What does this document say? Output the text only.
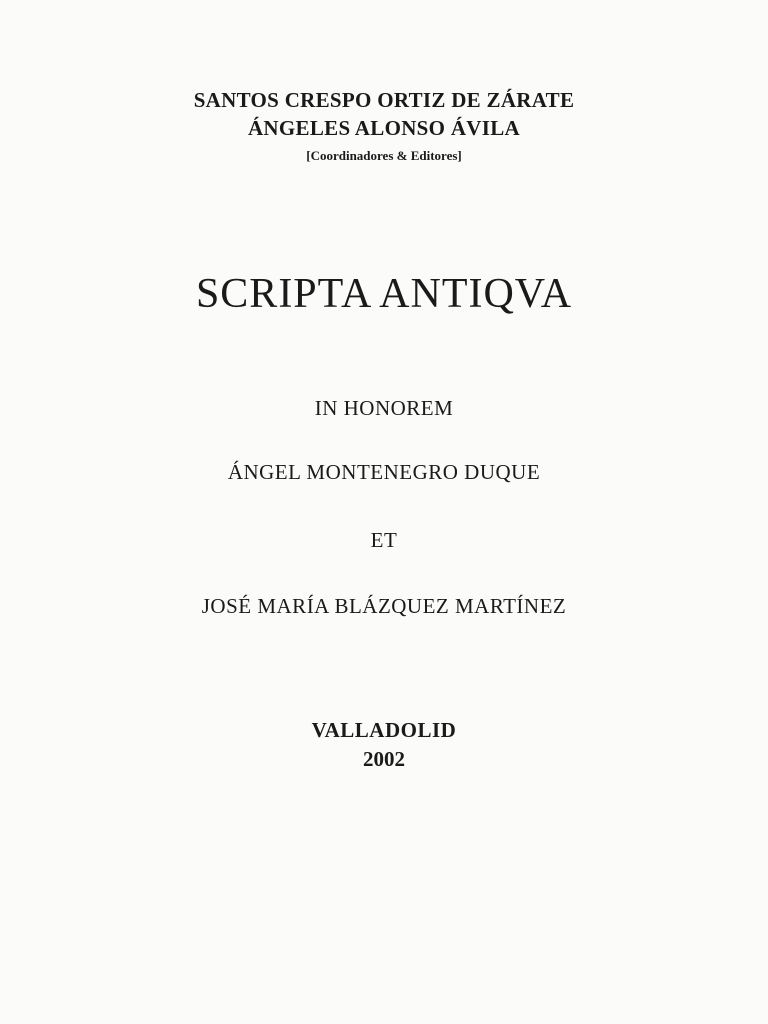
SANTOS CRESPO ORTIZ DE ZÁRATE
ÁNGELES ALONSO ÁVILA
[Coordinadores & Editores]
SCRIPTA ANTIQVA
IN HONOREM
ÁNGEL MONTENEGRO DUQUE
ET
JOSÉ MARÍA BLÁZQUEZ MARTÍNEZ
VALLADOLID
2002
